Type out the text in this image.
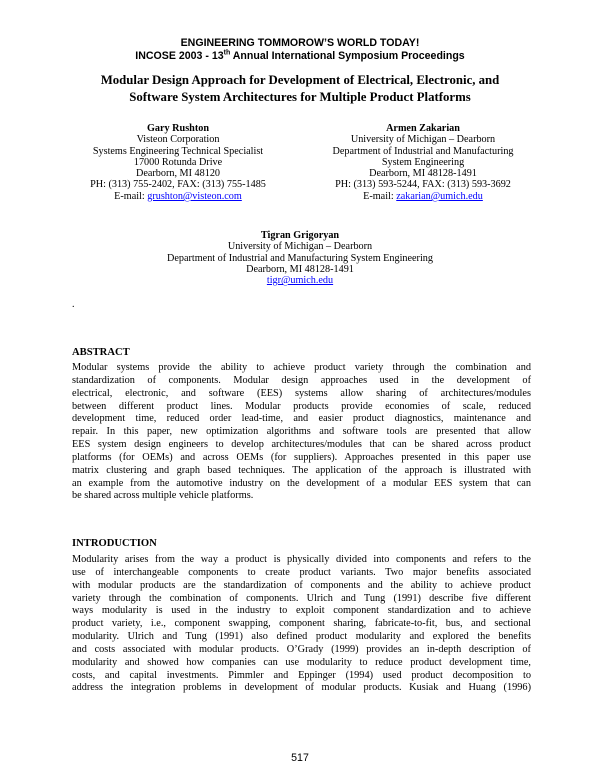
ENGINEERING TOMMOROW’S WORLD TODAY!
INCOSE 2003 - 13th Annual International Symposium Proceedings
Modular Design Approach for Development of Electrical, Electronic, and
Software System Architectures for Multiple Product Platforms
Gary Rushton
Visteon Corporation
Systems Engineering Technical Specialist
17000 Rotunda Drive
Dearborn, MI 48120
PH: (313) 755-2402, FAX: (313) 755-1485
E-mail: grushton@visteon.com
Armen Zakarian
University of Michigan – Dearborn
Department of Industrial and Manufacturing
System Engineering
Dearborn, MI 48128-1491
PH: (313) 593-5244, FAX: (313) 593-3692
E-mail: zakarian@umich.edu
Tigran Grigoryan
University of Michigan – Dearborn
Department of Industrial and Manufacturing System Engineering
Dearborn, MI 48128-1491
tigr@umich.edu
.
ABSTRACT
Modular systems provide the ability to achieve product variety through the combination and
standardization of components. Modular design approaches used in the development of
electrical, electronic, and software (EES) systems allow sharing of architectures/modules
between different product lines. Modular products provide economies of scale, reduced
development time, reduced order lead-time, and easier product diagnostics, maintenance and
repair. In this paper, new optimization algorithms and software tools are presented that allow
EES system design engineers to develop architectures/modules that can be shared across product
platforms (for OEMs) and across OEMs (for suppliers). Approaches presented in this paper use
matrix clustering and graph based techniques. The application of the approach is illustrated with
an example from the automotive industry on the development of a modular EES system that can
be shared across multiple vehicle platforms.
INTRODUCTION
Modularity arises from the way a product is physically divided into components and refers to the
use of interchangeable components to create product variants. Two major benefits associated
with modular products are the standardization of components and the ability to achieve product
variety through the combination of components. Ulrich and Tung (1991) describe five different
ways modularity is used in the industry to exploit component standardization and to achieve
product variety, i.e., component swapping, component sharing, fabricate-to-fit, bus, and sectional
modularity. Ulrich and Tung (1991) also defined product modularity and explored the benefits
and costs associated with modular products. O’Grady (1999) provides an in-depth description of
modularity and showed how companies can use modularity to reduce product development time,
costs, and capital investments. Pimmler and Eppinger (1994) used product decomposition to
address the integration problems in development of modular products. Kusiak and Huang (1996)
517
